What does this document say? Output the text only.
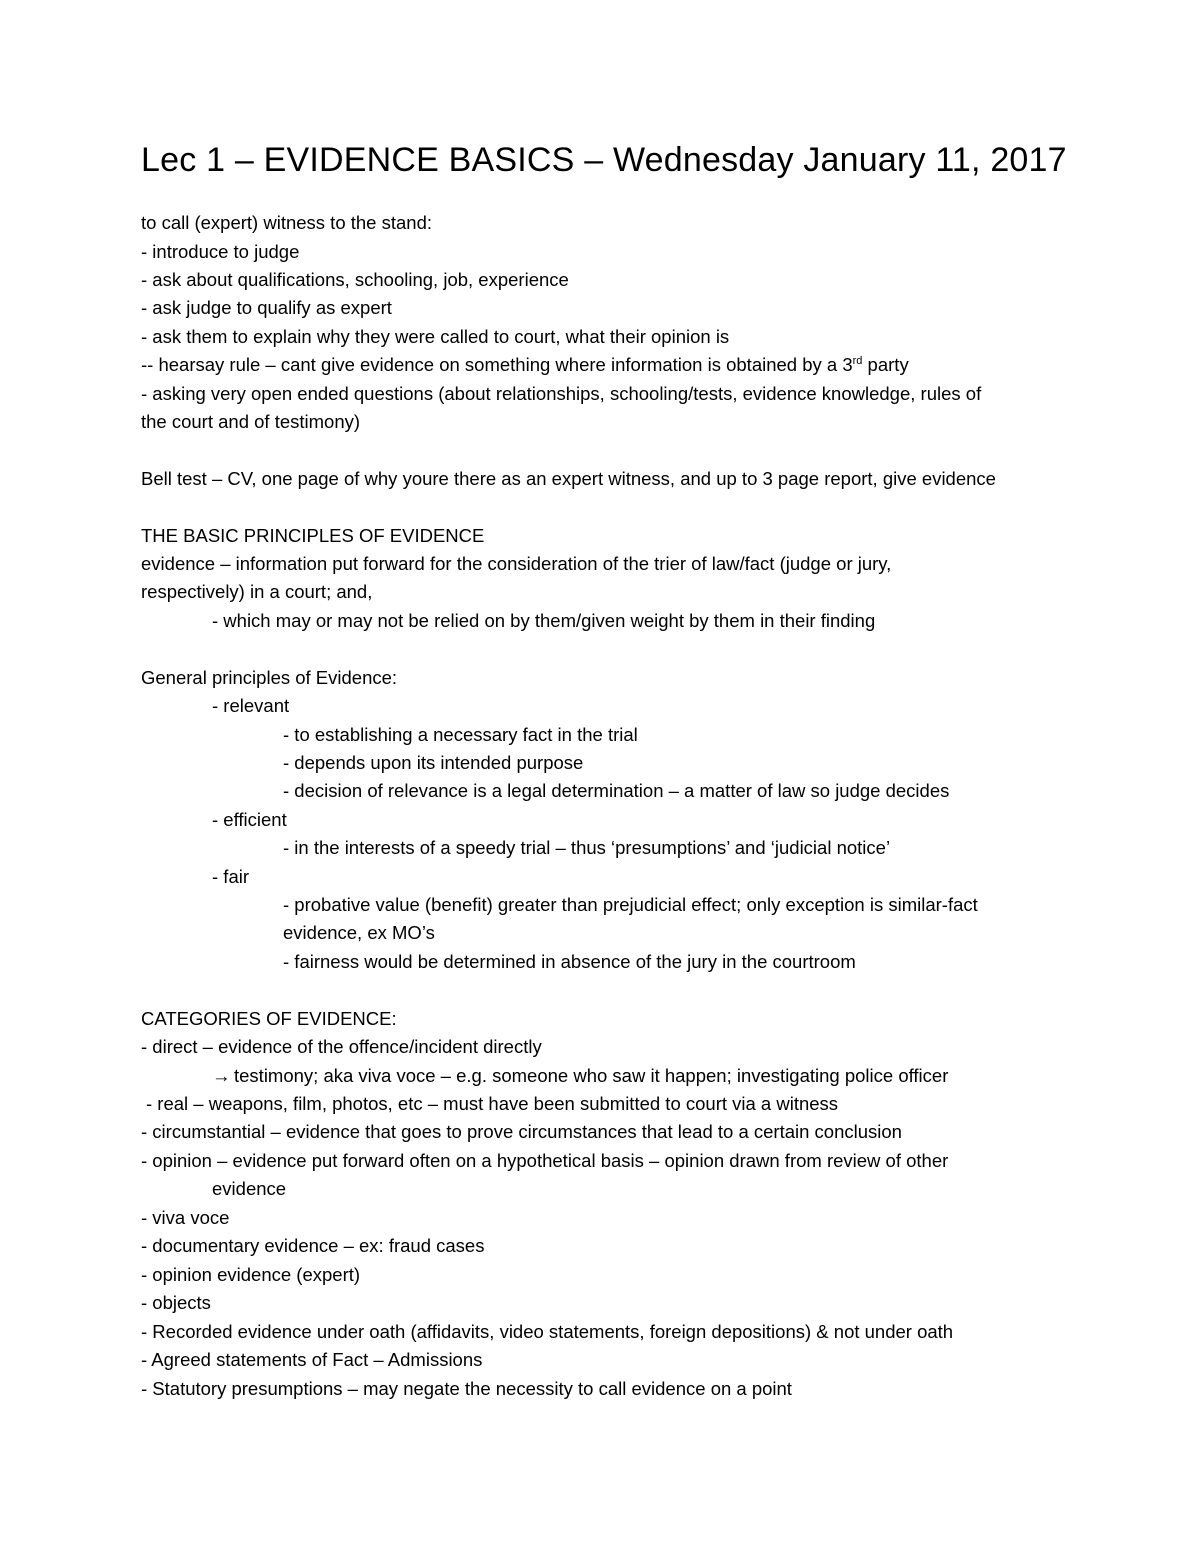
Lec 1 – EVIDENCE BASICS – Wednesday January 11, 2017
to call (expert) witness to the stand:
- introduce to judge
- ask about qualifications, schooling, job, experience
- ask judge to qualify as expert
- ask them to explain why they were called to court, what their opinion is
-- hearsay rule – cant give evidence on something where information is obtained by a 3rd party
- asking very open ended questions (about relationships, schooling/tests, evidence knowledge, rules of
the court and of testimony)
Bell test – CV, one page of why youre there as an expert witness, and up to 3 page report, give evidence
THE BASIC PRINCIPLES OF EVIDENCE
evidence – information put forward for the consideration of the trier of law/fact (judge or jury,
respectively) in a court; and,
- which may or may not be relied on by them/given weight by them in their finding
General principles of Evidence:
- relevant
- to establishing a necessary fact in the trial
- depends upon its intended purpose
- decision of relevance is a legal determination – a matter of law so judge decides
- efficient
- in the interests of a speedy trial – thus ‘presumptions’ and ‘judicial notice’
- fair
- probative value (benefit) greater than prejudicial effect; only exception is similar-fact
evidence, ex MO’s
- fairness would be determined in absence of the jury in the courtroom
CATEGORIES OF EVIDENCE:
- direct – evidence of the offence/incident directly
→ testimony; aka viva voce – e.g. someone who saw it happen; investigating police officer
- real – weapons, film, photos, etc – must have been submitted to court via a witness
- circumstantial – evidence that goes to prove circumstances that lead to a certain conclusion
- opinion – evidence put forward often on a hypothetical basis – opinion drawn from review of other
evidence
- viva voce
- documentary evidence – ex: fraud cases
- opinion evidence (expert)
- objects
- Recorded evidence under oath (affidavits, video statements, foreign depositions) & not under oath
- Agreed statements of Fact – Admissions
- Statutory presumptions – may negate the necessity to call evidence on a point
